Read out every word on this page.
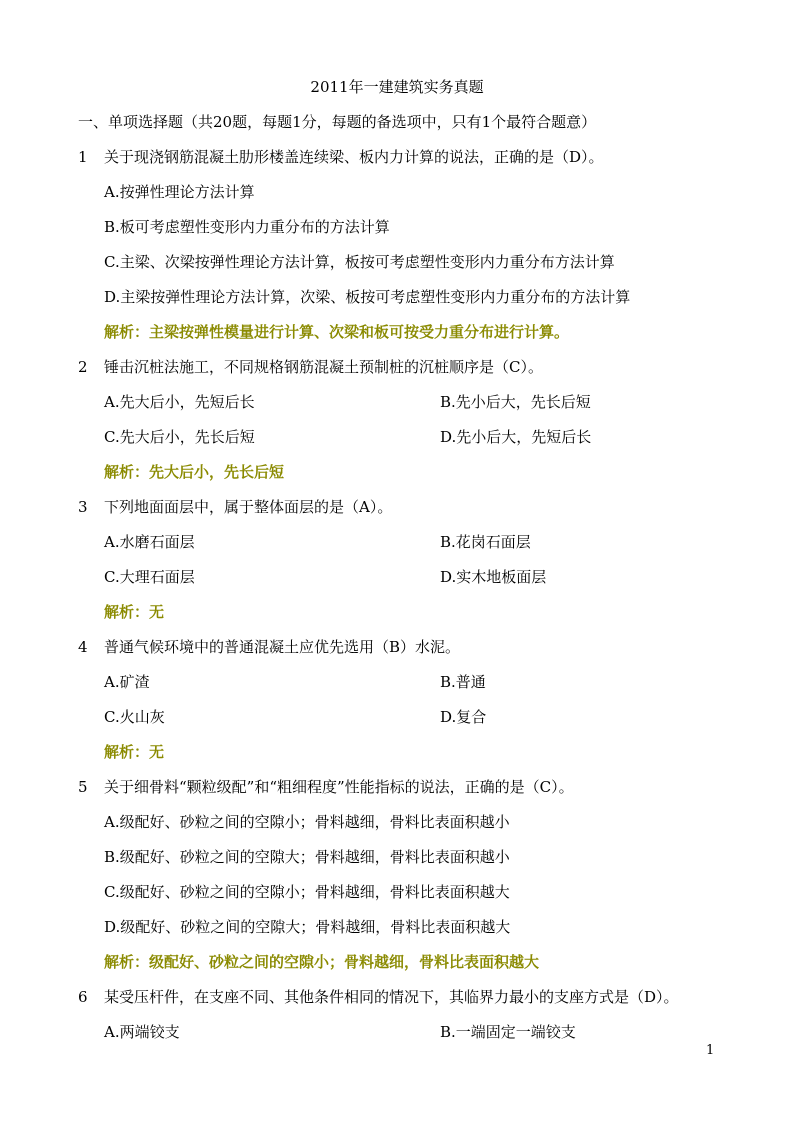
2011年一建建筑实务真题
一、单项选择题（共20题，每题1分，每题的备选项中，只有1个最符合题意）
1 关于现浇钢筋混凝土肋形楼盖连续梁、板内力计算的说法，正确的是（D）。
A.按弹性理论方法计算
B.板可考虑塑性变形内力重分布的方法计算
C.主梁、次梁按弹性理论方法计算，板按可考虑塑性变形内力重分布方法计算
D.主梁按弹性理论方法计算，次梁、板按可考虑塑性变形内力重分布的方法计算
解析：主梁按弹性模量进行计算、次梁和板可按受力重分布进行计算。
2 锤击沉桩法施工，不同规格钢筋混凝土预制桩的沉桩顺序是（C）。
A.先大后小，先短后长	B.先小后大，先长后短
C.先大后小，先长后短	D.先小后大，先短后长
解析：先大后小，先长后短
3 下列地面面层中，属于整体面层的是（A）。
A.水磨石面层	B.花岗石面层
C.大理石面层	D.实木地板面层
解析：无
4 普通气候环境中的普通混凝土应优先选用（B）水泥。
A.矿渣	B.普通
C.火山灰	D.复合
解析：无
5 关于细骨料“颗粒级配”和“粗细程度”性能指标的说法，正确的是（C）。
A.级配好、砂粒之间的空隙小；骨料越细，骨料比表面积越小
B.级配好、砂粒之间的空隙大；骨料越细，骨料比表面积越小
C.级配好、砂粒之间的空隙小；骨料越细，骨料比表面积越大
D.级配好、砂粒之间的空隙大；骨料越细，骨料比表面积越大
解析：级配好、砂粒之间的空隙小；骨料越细，骨料比表面积越大
6 某受压杆件，在支座不同、其他条件相同的情况下，其临界力最小的支座方式是（D）。
A.两端铰支	B.一端固定一端铰支
1
